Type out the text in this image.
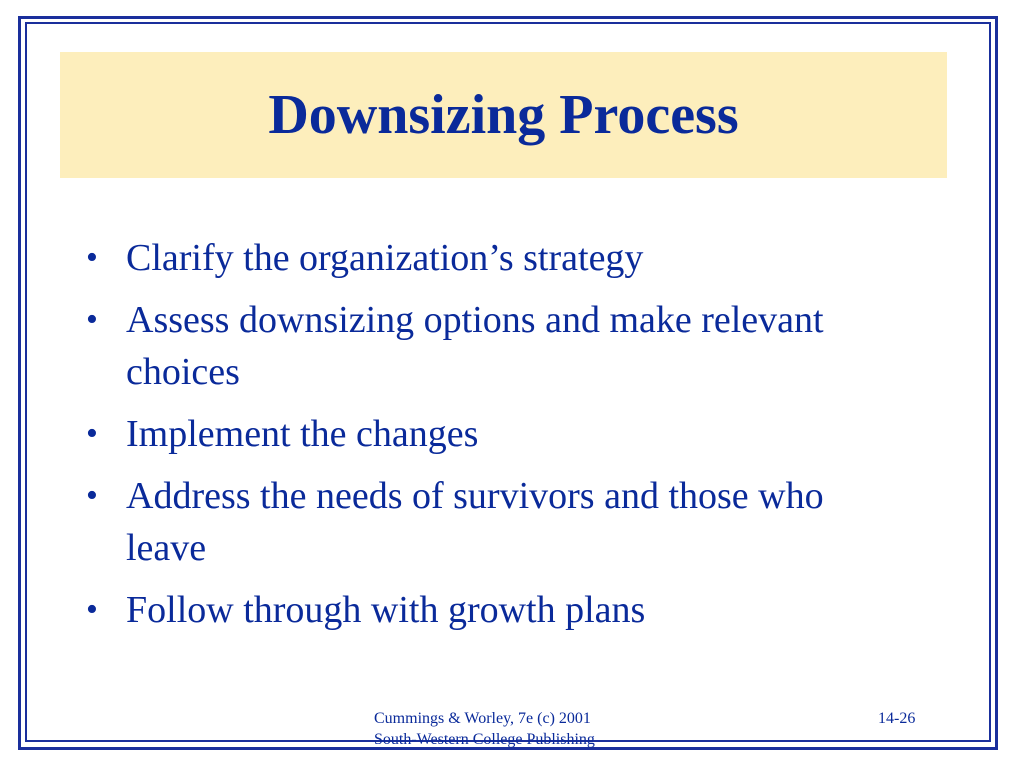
Downsizing Process
• Clarify the organization’s strategy
• Assess downsizing options and make relevant choices
• Implement the changes
• Address the needs of survivors and those who leave
• Follow through with growth plans
Cummings & Worley, 7e (c) 2001
South-Western College Publishing
14-26
